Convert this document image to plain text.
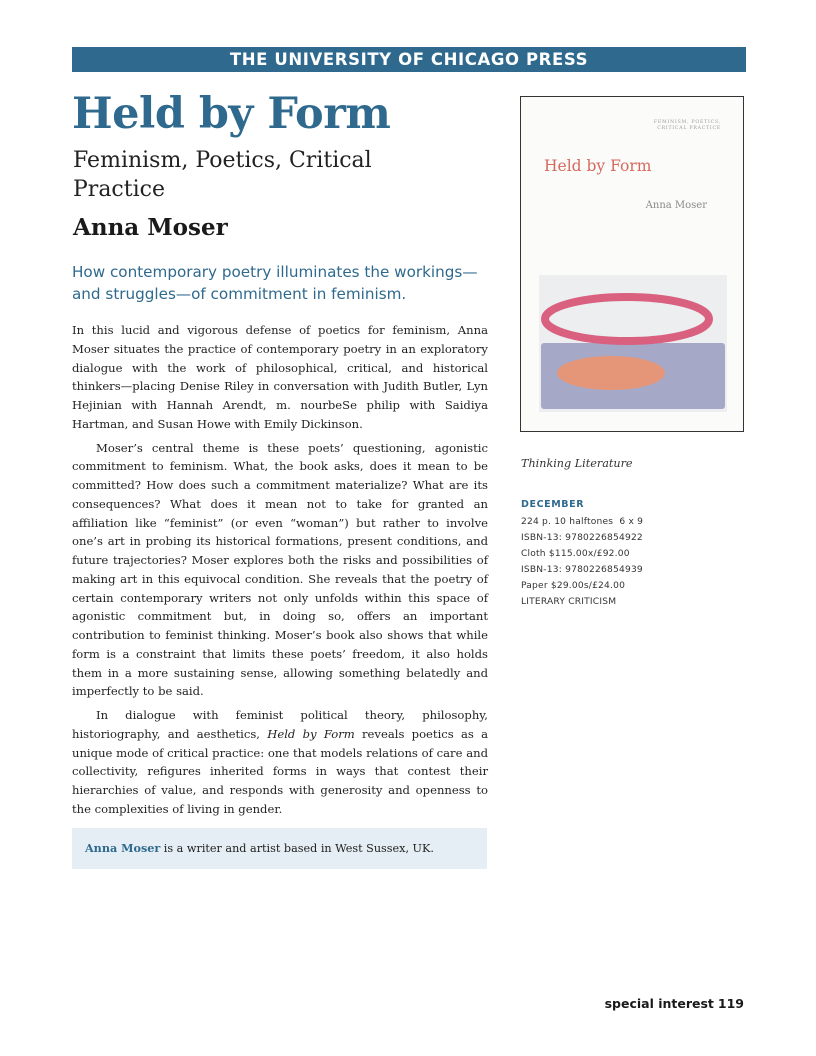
THE UNIVERSITY OF CHICAGO PRESS
Held by Form
Feminism, Poetics, Critical Practice
Anna Moser

How contemporary poetry illuminates the workings—and struggles—of commitment in feminism.

In this lucid and vigorous defense of poetics for feminism, Anna Moser situates the practice of contemporary poetry in an exploratory dialogue with the work of philosophical, critical, and historical thinkers—placing Denise Riley in conversation with Judith Butler, Lyn Hejinian with Hannah Arendt, m. nourbeSe philip with Saidiya Hartman, and Susan Howe with Emily Dickinson.

Moser’s central theme is these poets’ questioning, agonistic commitment to feminism. What, the book asks, does it mean to be committed? How does such a commitment materialize? What are its consequences? What does it mean not to take for granted an affiliation like “feminist” (or even “woman”) but rather to involve one’s art in probing its historical formations, present conditions, and future trajectories? Moser explores both the risks and possibilities of making art in this equivocal condition. She reveals that the poetry of certain contemporary writers not only unfolds within this space of agonistic commitment but, in doing so, offers an important contribution to feminist thinking. Moser’s book also shows that while form is a constraint that limits these poets’ freedom, it also holds them in a more sustaining sense, allowing something belatedly and imperfectly to be said.

In dialogue with feminist political theory, philosophy, historiography, and aesthetics, Held by Form reveals poetics as a unique mode of critical practice: one that models relations of care and collectivity, refigures inherited forms in ways that contest their hierarchies of value, and responds with generosity and openness to the complexities of living in gender.

Anna Moser is a writer and artist based in West Sussex, UK.
FEMINISM, POETICS,
CRITICAL PRACTICE
Held by Form
Anna Moser
Thinking Literature
DECEMBER
224 p. 10 halftones  6 x 9
ISBN-13: 9780226854922
Cloth $115.00x/£92.00
ISBN-13: 9780226854939
Paper $29.00s/£24.00
LITERARY CRITICISM
special interest 119
